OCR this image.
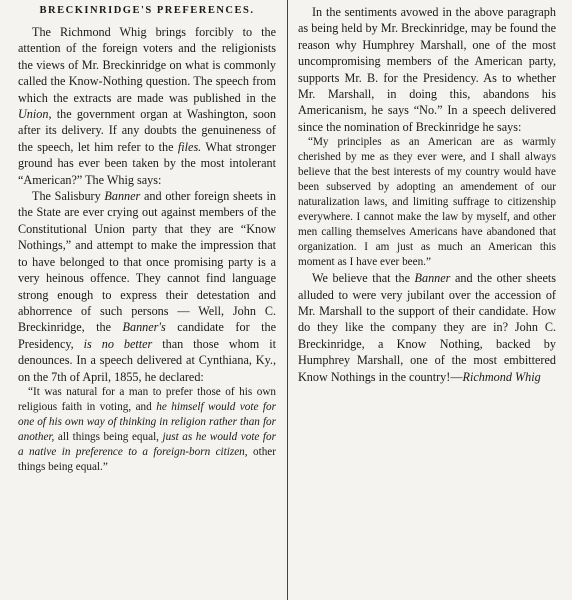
BRECKINRIDGE'S PREFERENCES.

The Richmond Whig brings forcibly to the attention of the foreign voters and the religionists the views of Mr. Breckinridge on what is commonly called the Know-Nothing question. The speech from which the extracts are made was published in the Union, the government organ at Washington, soon after its delivery. If any doubts the genuineness of the speech, let him refer to the files. What stronger ground has ever been taken by the most intolerant “American?” The Whig says:

The Salisbury Banner and other foreign sheets in the State are ever crying out against members of the Constitutional Union party that they are “Know Nothings,” and attempt to make the impression that to have belonged to that once promising party is a very heinous offence. They cannot find language strong enough to express their detestation and abhorrence of such persons — Well, John C. Breckinridge, the Banner's candidate for the Presidency, is no better than those whom it denounces. In a speech delivered at Cynthiana, Ky., on the 7th of April, 1855, he declared:

“It was natural for a man to prefer those of his own religious faith in voting, and he himself would vote for one of his own way of thinking in religion rather than for another, all things being equal, just as he would vote for a native in preference to a foreign-born citizen, other things being equal.”

In the sentiments avowed in the above paragraph as being held by Mr. Breckinridge, may be found the reason why Humphrey Marshall, one of the most uncompromising members of the American party, supports Mr. B. for the Presidency. As to whether Mr. Marshall, in doing this, abandons his Americanism, he says “No.” In a speech delivered since the nomination of Breckinridge he says:

“My principles as an American are as warmly cherished by me as they ever were, and I shall always believe that the best interests of my country would have been subserved by adopting an amendement of our naturalization laws, and limiting suffrage to citizenship everywhere. I cannot make the law by myself, and other men calling themselves Americans have abandoned that organization. I am just as much an American this moment as I have ever been.”

We believe that the Banner and the other sheets alluded to were very jubilant over the accession of Mr. Marshall to the support of their candidate. How do they like the company they are in? John C. Breckinridge, a Know Nothing, backed by Humphrey Marshall, one of the most embittered Know Nothings in the country!—Richmond Whig
